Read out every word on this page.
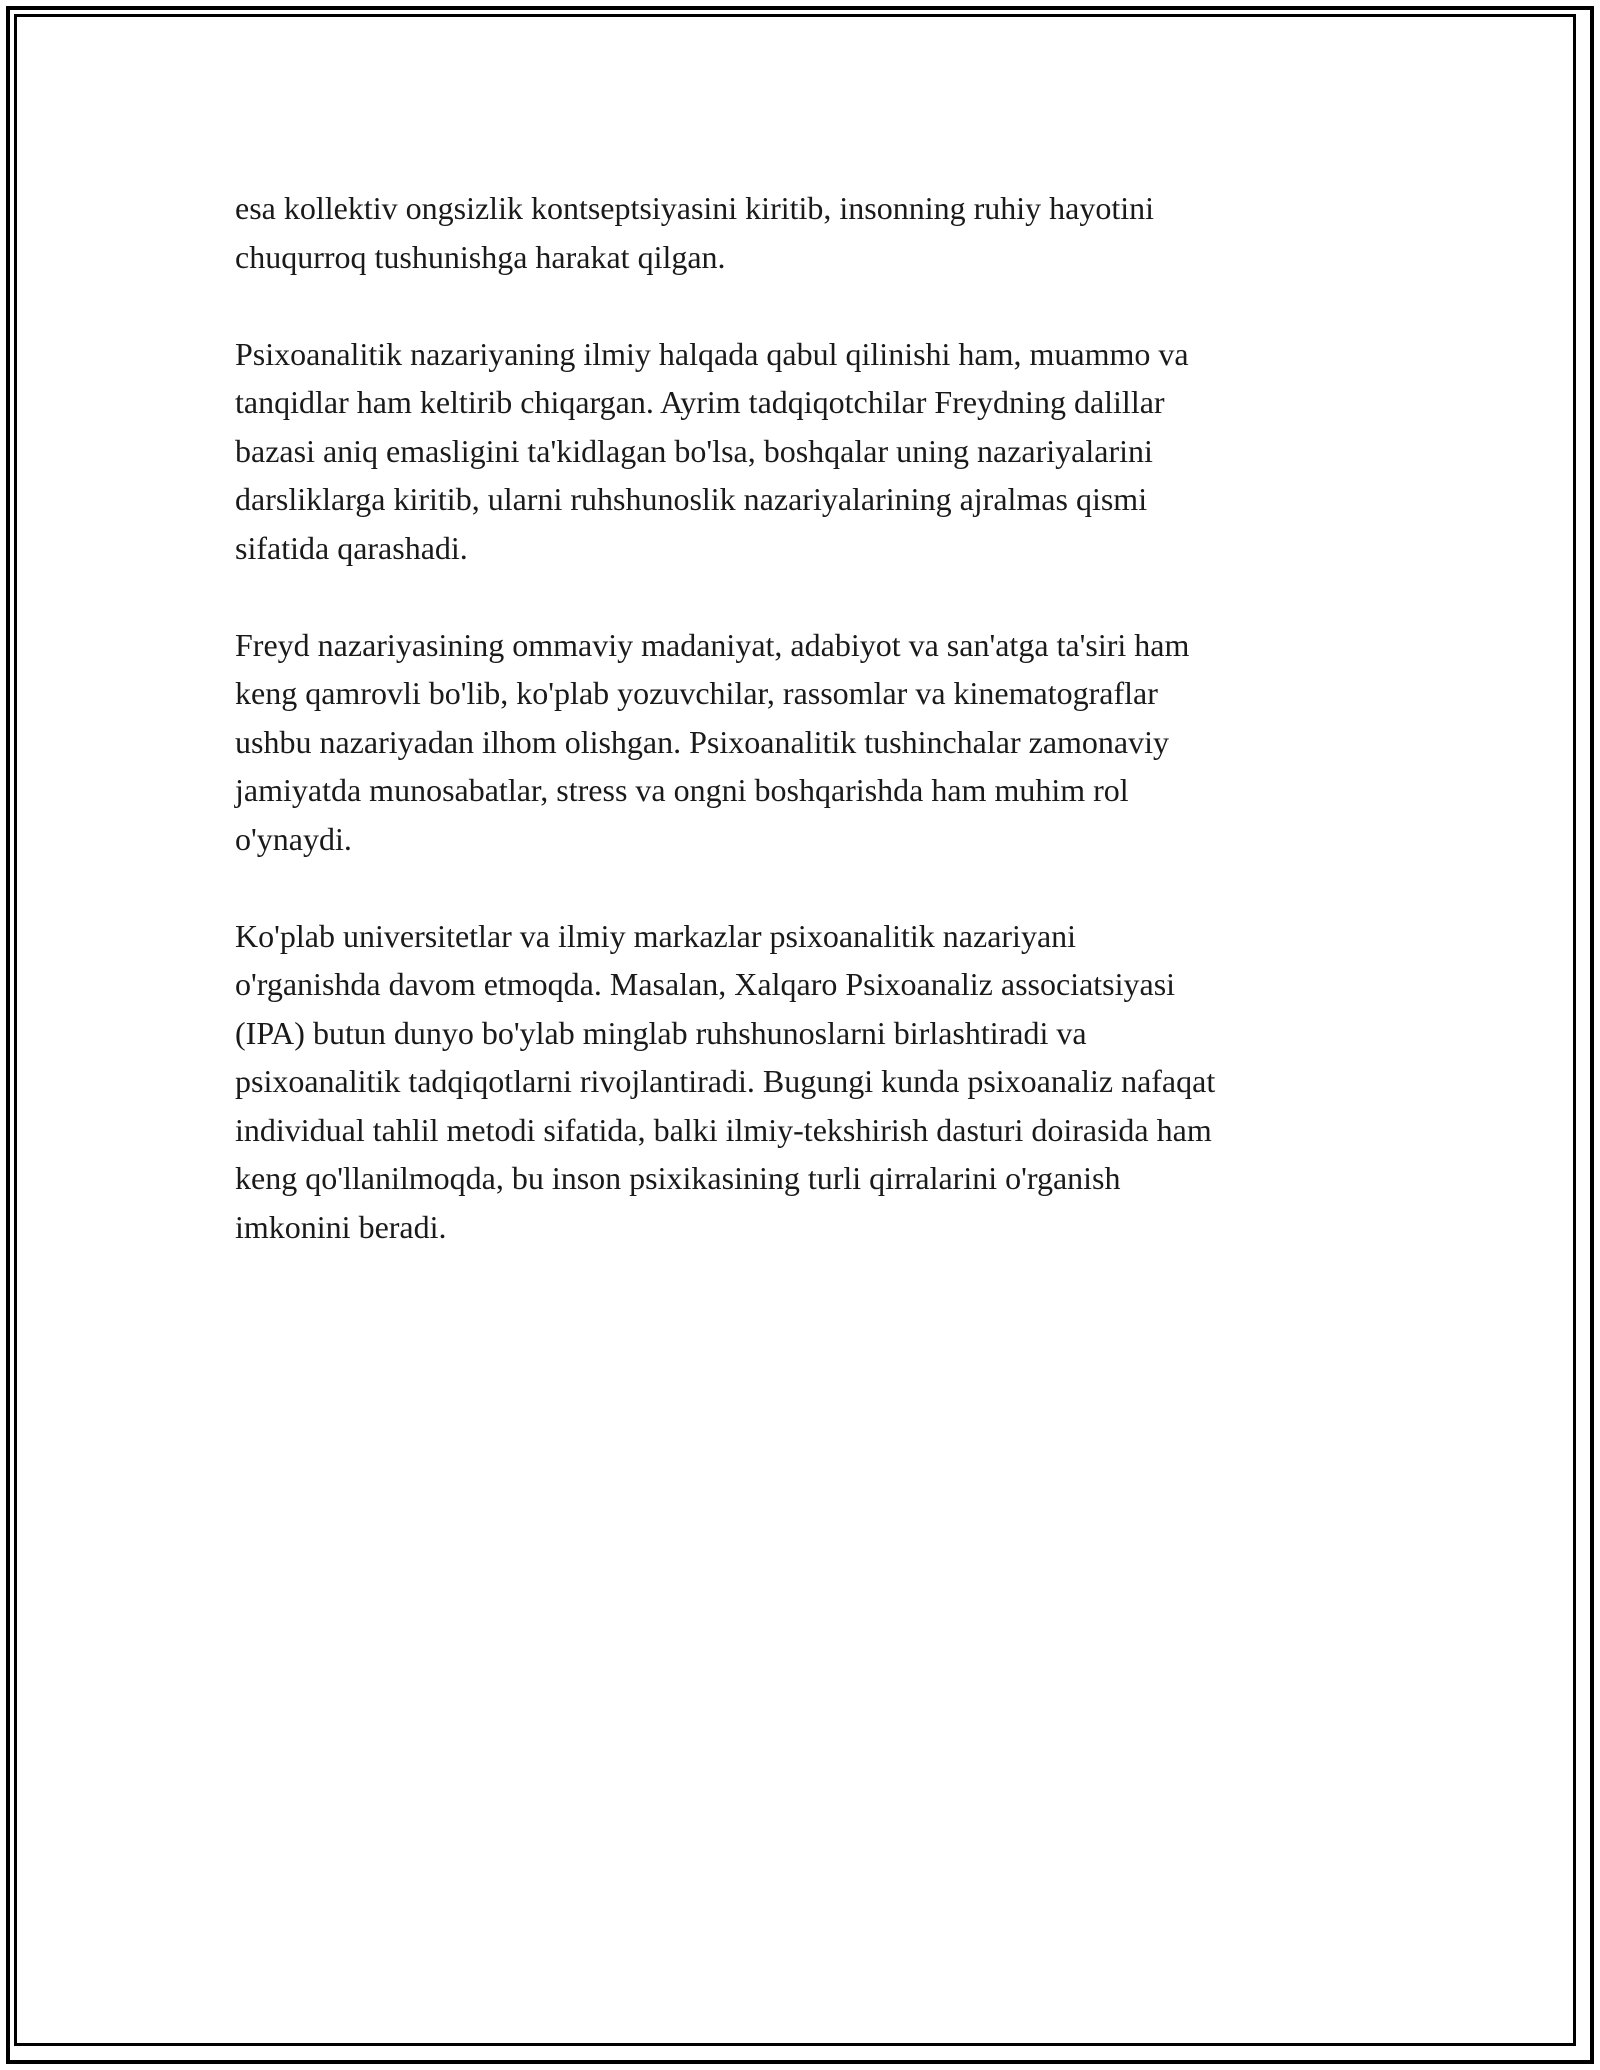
esa kollektiv ongsizlik kontseptsiyasini kiritib, insonning ruhiy hayotini
chuqurroq tushunishga harakat qilgan.

Psixoanalitik nazariyaning ilmiy halqada qabul qilinishi ham, muammo va
tanqidlar ham keltirib chiqargan. Ayrim tadqiqotchilar Freydning dalillar
bazasi aniq emasligini ta'kidlagan bo'lsa, boshqalar uning nazariyalarini
darsliklarga kiritib, ularni ruhshunoslik nazariyalarining ajralmas qismi
sifatida qarashadi.

Freyd nazariyasining ommaviy madaniyat, adabiyot va san'atga ta'siri ham
keng qamrovli bo'lib, ko'plab yozuvchilar, rassomlar va kinematograflar
ushbu nazariyadan ilhom olishgan. Psixoanalitik tushinchalar zamonaviy
jamiyatda munosabatlar, stress va ongni boshqarishda ham muhim rol
o'ynaydi.

Ko'plab universitetlar va ilmiy markazlar psixoanalitik nazariyani
o'rganishda davom etmoqda. Masalan, Xalqaro Psixoanaliz associatsiyasi
(IPA) butun dunyo bo'ylab minglab ruhshunoslarni birlashtiradi va
psixoanalitik tadqiqotlarni rivojlantiradi. Bugungi kunda psixoanaliz nafaqat
individual tahlil metodi sifatida, balki ilmiy-tekshirish dasturi doirasida ham
keng qo'llanilmoqda, bu inson psixikasining turli qirralarini o'rganish
imkonini beradi.
